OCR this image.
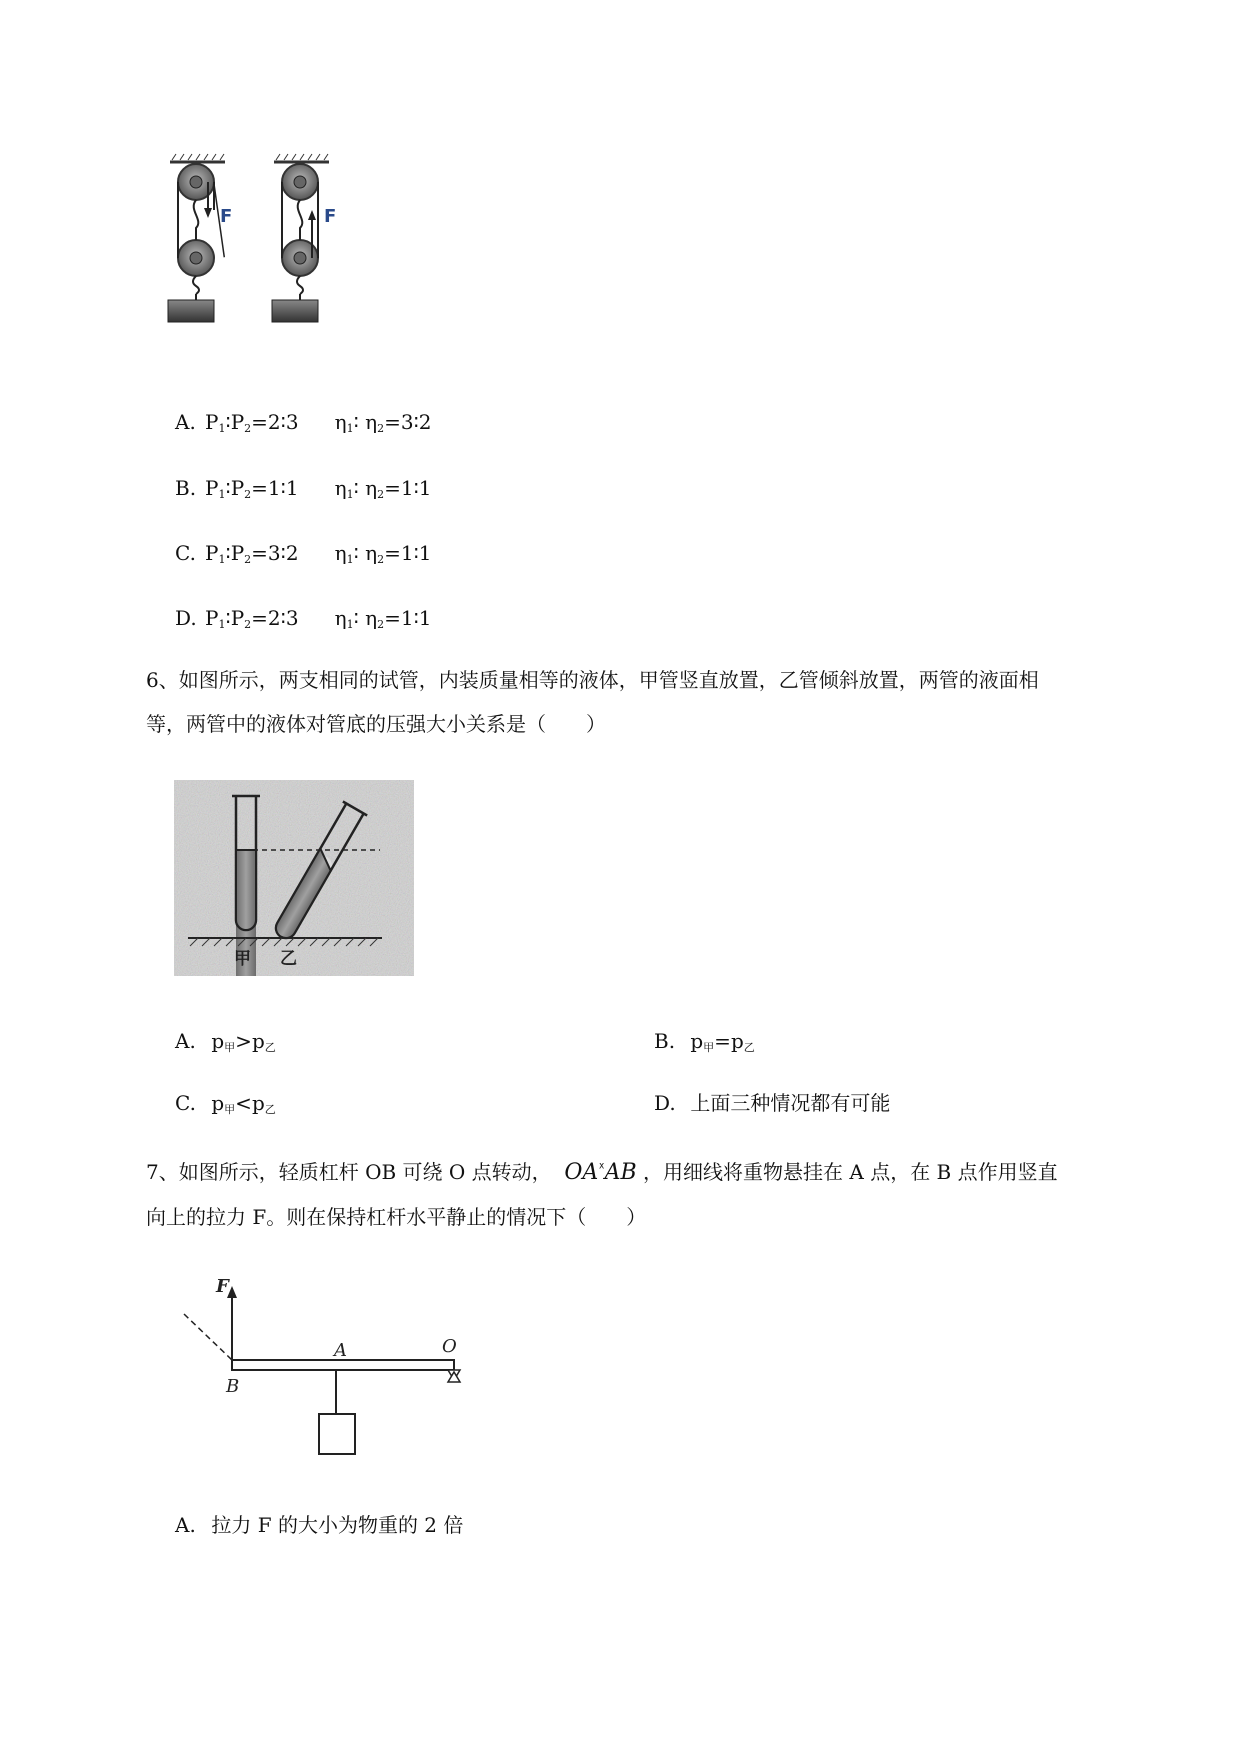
F	F
A. $P_1∶P_2=2∶3$ $\eta_1∶$ $\eta_2=3∶2$
B. $P_1∶P_2=1∶1$ $\eta_1∶$ $\eta_2=1∶1$
C. $P_1∶P_2=3∶2$ $\eta_1∶$ $\eta_2=1∶1$
D. $P_1∶P_2=2∶3$ $\eta_1∶$ $\eta_2=1∶1$
6、如图所示，两支相同的试管，内装质量相等的液体，甲管竖直放置，乙管倾斜放置，两管的液面相
等，两管中的液体对管底的压强大小关系是（　　）
甲 乙
A. $p_甲>p_乙$	B. $p_甲=p_乙$
C. $p_甲<p_乙$	D. 上面三种情况都有可能
7、如图所示，轻质杠杆 OB 可绕 O 点转动， $OA^ᕽAB$ ，用细线将重物悬挂在 A 点，在 B 点作用竖直
向上的拉力 F。则在保持杠杆水平静止的情况下（　　）
F
A	O
B
A. 拉力 F 的大小为物重的 2 倍
